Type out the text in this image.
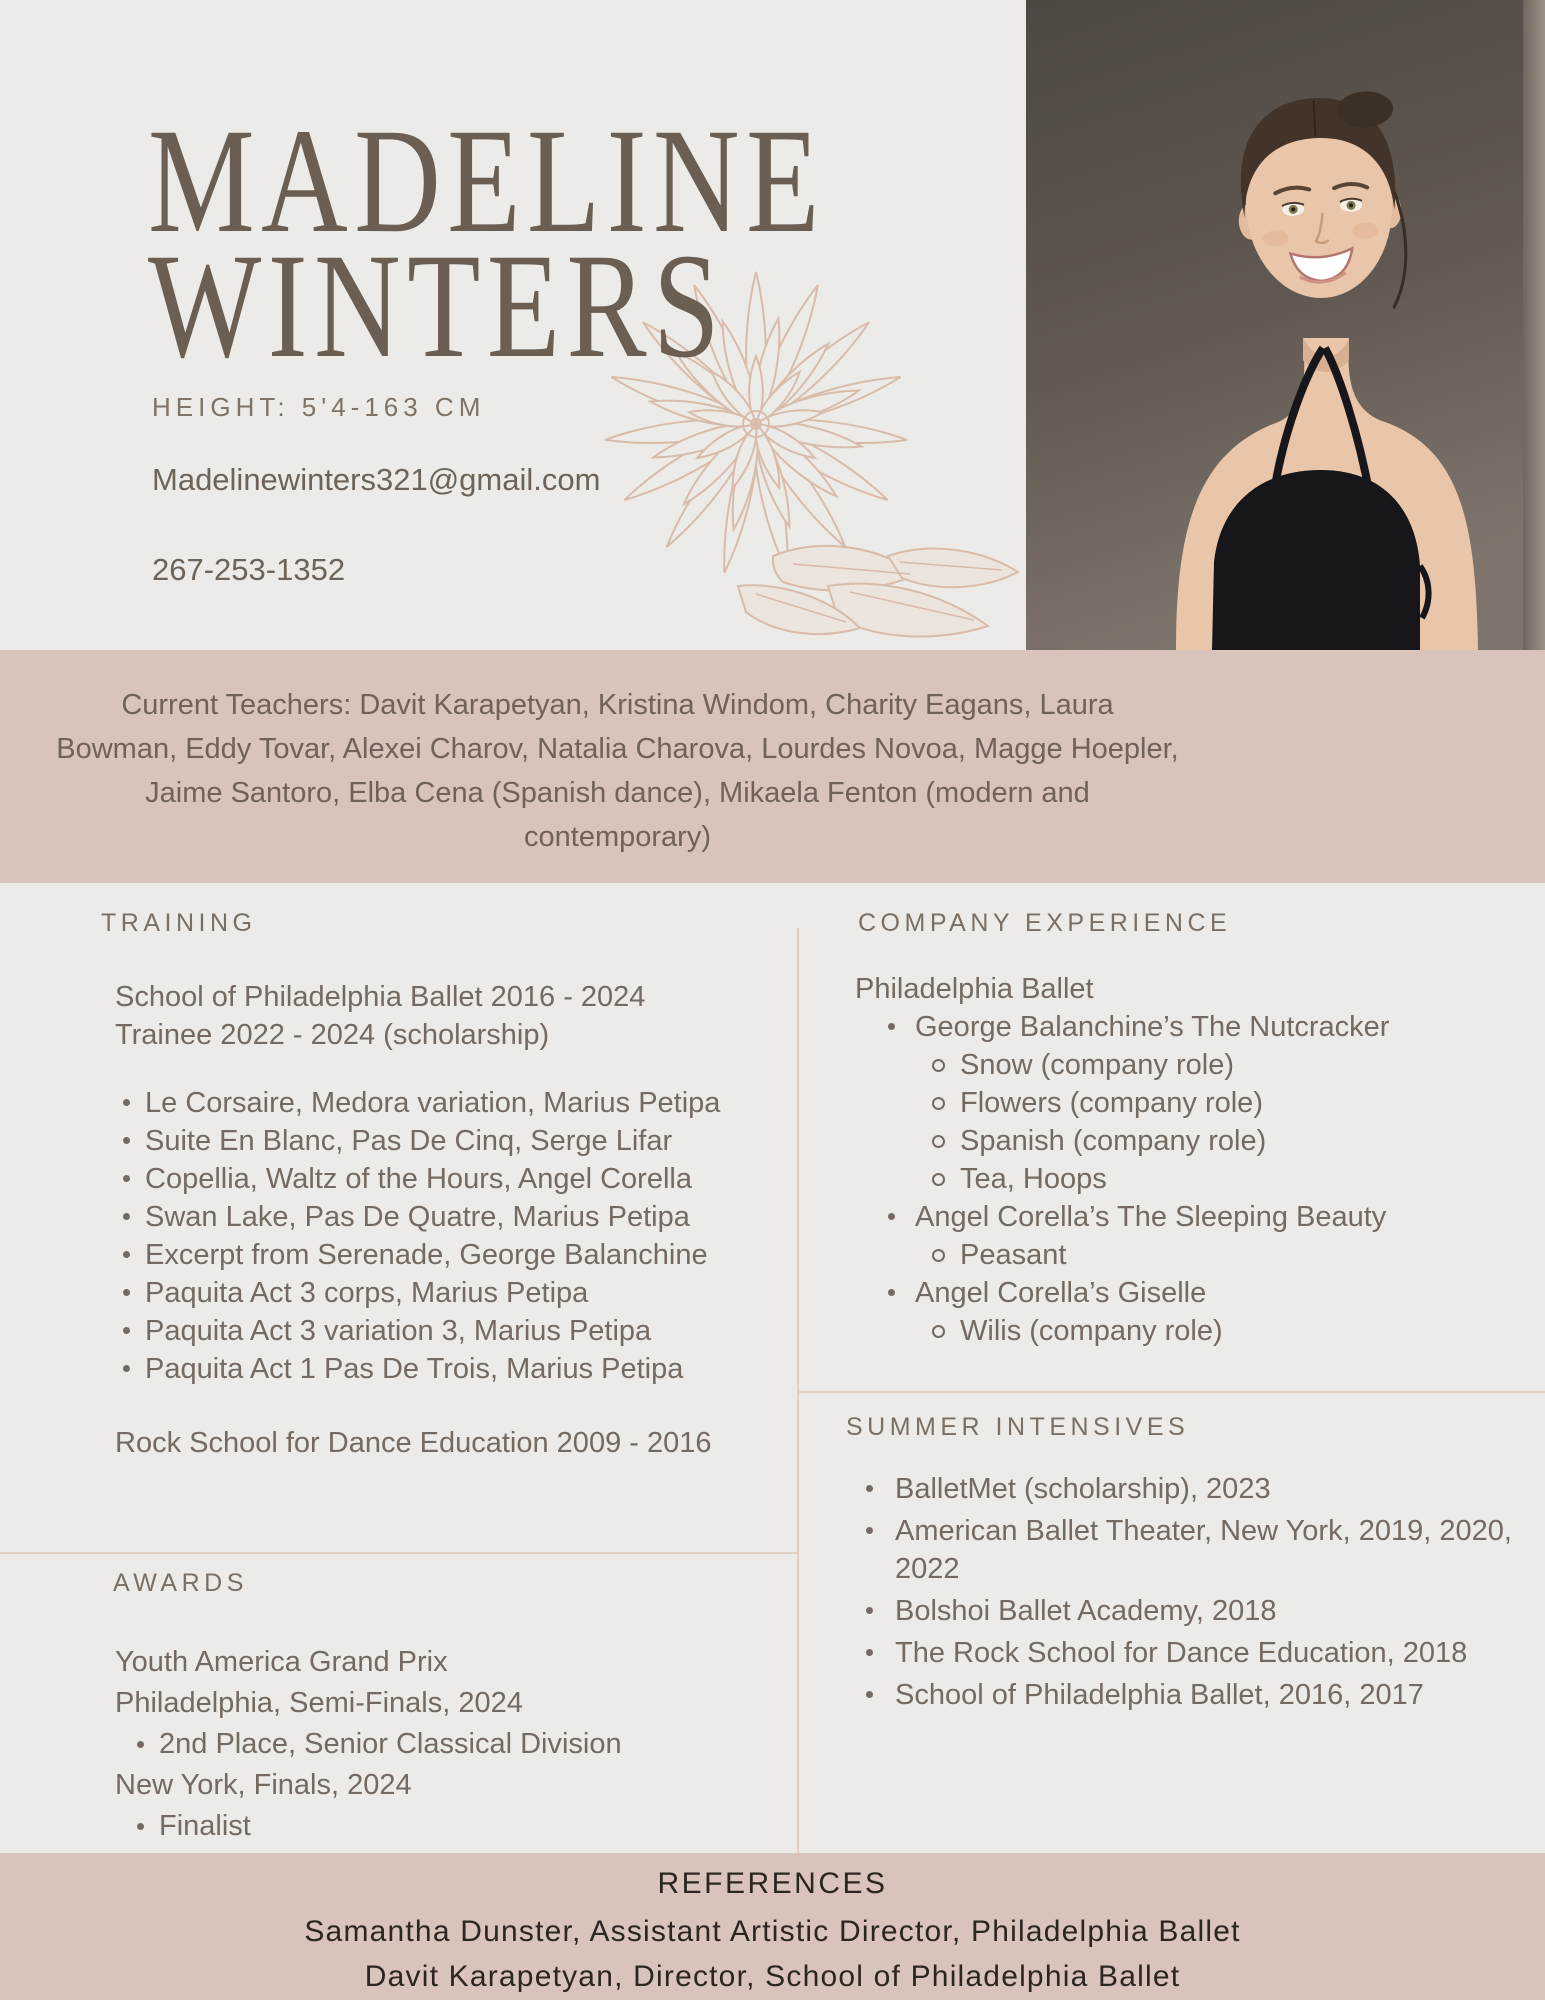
MADELINE
WINTERS
HEIGHT: 5'4-163 CM
Madelinewinters321@gmail.com
267-253-1352
Current Teachers: Davit Karapetyan, Kristina Windom, Charity Eagans, Laura
Bowman, Eddy Tovar, Alexei Charov, Natalia Charova, Lourdes Novoa, Magge Hoepler,
Jaime Santoro, Elba Cena (Spanish dance), Mikaela Fenton (modern and
contemporary)
TRAINING
School of Philadelphia Ballet 2016 - 2024
Trainee 2022 - 2024 (scholarship)
Le Corsaire, Medora variation, Marius Petipa
Suite En Blanc, Pas De Cinq, Serge Lifar
Copellia, Waltz of the Hours, Angel Corella
Swan Lake, Pas De Quatre, Marius Petipa
Excerpt from Serenade, George Balanchine
Paquita Act 3 corps, Marius Petipa
Paquita Act 3 variation 3, Marius Petipa
Paquita Act 1 Pas De Trois, Marius Petipa
Rock School for Dance Education 2009 - 2016
AWARDS
Youth America Grand Prix
Philadelphia, Semi-Finals, 2024
2nd Place, Senior Classical Division
New York, Finals, 2024
Finalist
COMPANY EXPERIENCE
Philadelphia Ballet
George Balanchine’s The Nutcracker
Snow (company role)
Flowers (company role)
Spanish (company role)
Tea, Hoops
Angel Corella’s The Sleeping Beauty
Peasant
Angel Corella’s Giselle
Wilis (company role)
SUMMER INTENSIVES
BalletMet (scholarship), 2023
American Ballet Theater, New York, 2019, 2020, 2022
Bolshoi Ballet Academy, 2018
The Rock School for Dance Education, 2018
School of Philadelphia Ballet, 2016, 2017
REFERENCES
Samantha Dunster, Assistant Artistic Director, Philadelphia Ballet
Davit Karapetyan, Director, School of Philadelphia Ballet
